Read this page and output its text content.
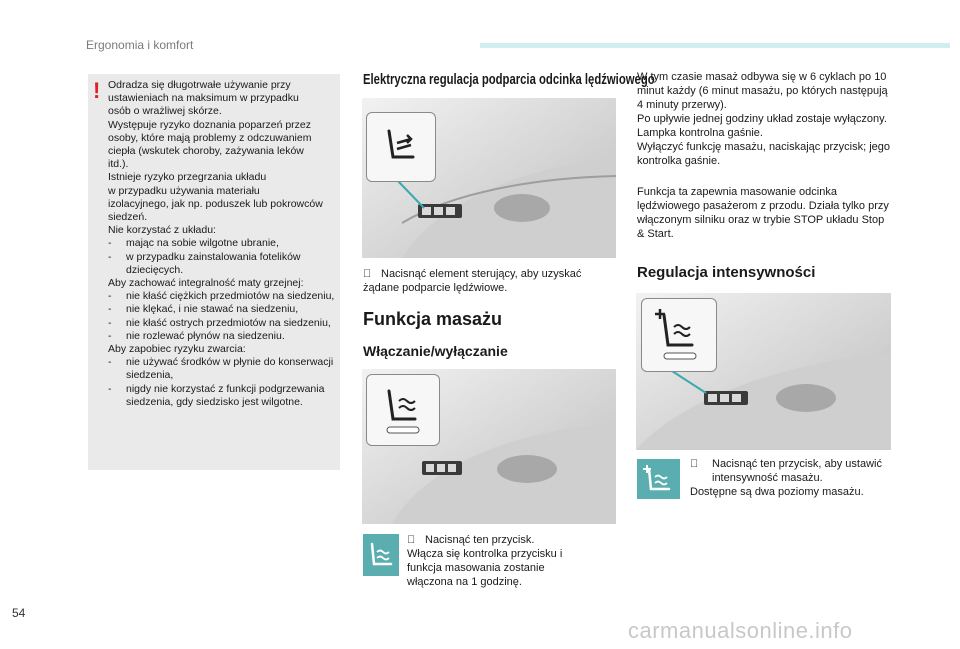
Ergonomia i komfort
! Odradza się długotrwałe używanie przy

ustawieniach na maksimum w przypadku

osób o wrażliwej skórze.

Występuje ryzyko doznania poparzeń przez

osoby, które mają problemy z odczuwaniem

ciepła (wskutek choroby, zażywania leków

itd.).

Istnieje ryzyko przegrzania układu

w przypadku używania materiału

izolacyjnego, jak np. poduszek lub pokrowców

siedzeń.

Nie korzystać z układu:

- mając na sobie wilgotne ubranie,

- w przypadku zainstalowania fotelików dziecięcych.

Aby zachować integralność maty grzejnej:

- nie kłaść ciężkich przedmiotów na siedzeniu,

- nie klękać, i nie stawać na siedzeniu,

- nie kłaść ostrych przedmiotów na siedzeniu,

- nie rozlewać płynów na siedzeniu.

Aby zapobiec ryzyku zwarcia:

- nie używać środków w płynie do konserwacji siedzenia,

- nigdy nie korzystać z funkcji podgrzewania siedzenia, gdy siedzisko jest wilgotne.

Elektryczna regulacja podparcia odcinka lędźwiowego
Nacisnąć element sterujący, aby uzyskać żądane podparcie lędźwiowe.
Funkcja masażu
Włączanie/wyłączanie
Nacisnąć ten przycisk.
Włącza się kontrolka przycisku i funkcja masowania zostanie włączona na 1 godzinę.
W tym czasie masaż odbywa się w 6 cyklach po 10 minut każdy (6 minut masażu, po których następują 4 minuty przerwy).
Po upływie jednej godziny układ zostaje wyłączony. Lampka kontrolna gaśnie.
Wyłączyć funkcję masażu, naciskając przycisk; jego kontrolka gaśnie.
Funkcja ta zapewnia masowanie odcinka lędźwiowego pasażerom z przodu. Działa tylko przy włączonym silniku oraz w trybie STOP układu Stop & Start.
Regulacja intensywności
Nacisnąć ten przycisk, aby ustawić intensywność masażu.
Dostępne są dwa poziomy masażu.
54
carmanualsonline.info
